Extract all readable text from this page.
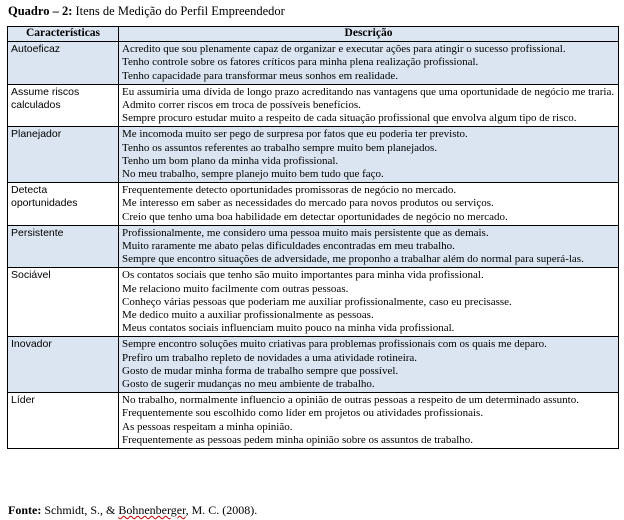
Quadro – 2: Itens de Medição do Perfil Empreendedor
Características	Descrição
Autoeficaz	Acredito que sou plenamente capaz de organizar e executar ações para atingir o sucesso profissional.
Tenho controle sobre os fatores críticos para minha plena realização profissional.
Tenho capacidade para transformar meus sonhos em realidade.

Assume riscos calculados	Eu assumiria uma dívida de longo prazo acreditando nas vantagens que uma oportunidade de negócio me traria.
Admito correr riscos em troca de possíveis benefícios.
Sempre procuro estudar muito a respeito de cada situação profissional que envolva algum tipo de risco.

Planejador	Me incomoda muito ser pego de surpresa por fatos que eu poderia ter previsto.
Tenho os assuntos referentes ao trabalho sempre muito bem planejados.
Tenho um bom plano da minha vida profissional.
No meu trabalho, sempre planejo muito bem tudo que faço.

Detecta oportunidades	Frequentemente detecto oportunidades promissoras de negócio no mercado.
Me interesso em saber as necessidades do mercado para novos produtos ou serviços.
Creio que tenho uma boa habilidade em detectar oportunidades de negócio no mercado.

Persistente	Profissionalmente, me considero uma pessoa muito mais persistente que as demais.
Muito raramente me abato pelas dificuldades encontradas em meu trabalho.
Sempre que encontro situações de adversidade, me proponho a trabalhar além do normal para superá-las.

Sociável	Os contatos sociais que tenho são muito importantes para minha vida profissional.
Me relaciono muito facilmente com outras pessoas.
Conheço várias pessoas que poderiam me auxiliar profissionalmente, caso eu precisasse.
Me dedico muito a auxiliar profissionalmente as pessoas.
Meus contatos sociais influenciam muito pouco na minha vida profissional.

Inovador	Sempre encontro soluções muito criativas para problemas profissionais com os quais me deparo.
Prefiro um trabalho repleto de novidades a uma atividade rotineira.
Gosto de mudar minha forma de trabalho sempre que possível.
Gosto de sugerir mudanças no meu ambiente de trabalho.

Líder	No trabalho, normalmente influencio a opinião de outras pessoas a respeito de um determinado assunto.
Frequentemente sou escolhido como líder em projetos ou atividades profissionais.
As pessoas respeitam a minha opinião.
Frequentemente as pessoas pedem minha opinião sobre os assuntos de trabalho.
Fonte: Schmidt, S., & Bohnenberger, M. C. (2008).
